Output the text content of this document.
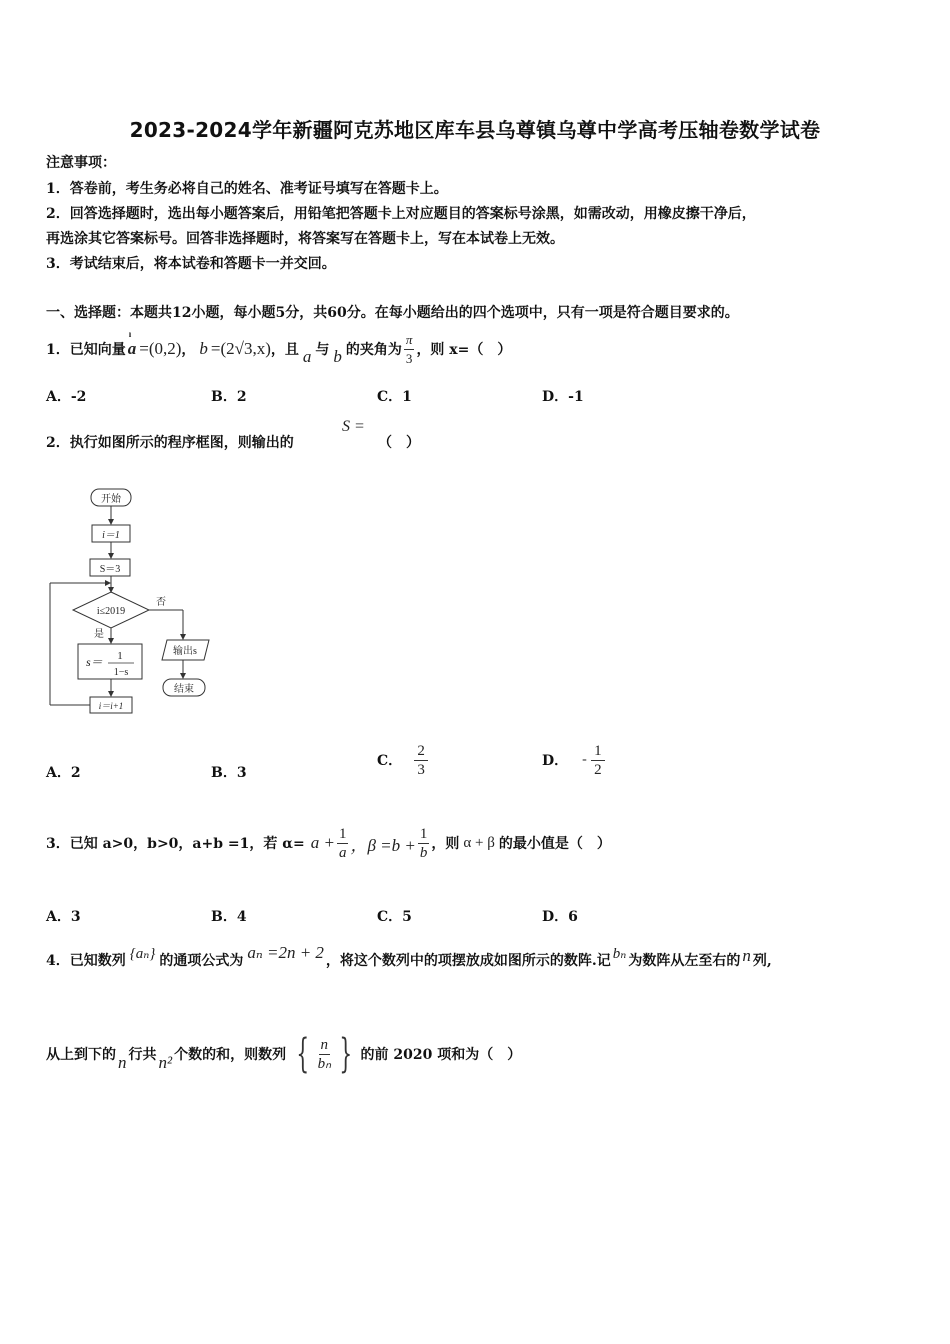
2023-2024学年新疆阿克苏地区库车县乌尊镇乌尊中学高考压轴卷数学试卷
注意事项：
1．答卷前，考生务必将自己的姓名、准考证号填写在答题卡上。
2．回答选择题时，选出每小题答案后，用铅笔把答题卡上对应题目的答案标号涂黑，如需改动，用橡皮擦干净后，
再选涂其它答案标号。回答非选择题时，将答案写在答题卡上，写在本试卷上无效。
3．考试结束后，将本试卷和答题卡一并交回。
一、选择题：本题共12小题，每小题5分，共60分。在每小题给出的四个选项中，只有一项是符合题目要求的。
1．已知向量
ı
a =(0,2) ， b =(2√3,x) ，且 a 与 b 的夹角为 $\frac{\pi}{3}$ ，则 x=（　）
A．-2	B．2	C．1	D．-1
2．执行如图所示的程序框图，则输出的
S =
（　）
开始
i＝1
S＝3
i≤2019
否
是
s＝ 1
1−s
输出s
结束
i＝i+1
A．2	B．3
C． $\frac{2}{3}$	D． - $\frac{1}{2}$
3．已知 a>0，b>0，a+b =1，若 $\alpha= a + \frac{1}{a}$ ，$\beta =b + \frac{1}{b}$ ，则 α + β 的最小值是（　）
A．3	B．4	C．5	D．6
4．已知数列 {aₙ} 的通项公式为 aₙ =2n + 2 ，将这个数列中的项摆放成如图所示的数阵.记 bₙ 为数阵从左至右的 n 列,
从上到下的 n 行共 n² 个数的和，则数列 { $\frac{n}{\text{bₙ}}$ } 的前 2020 项和为（　）
